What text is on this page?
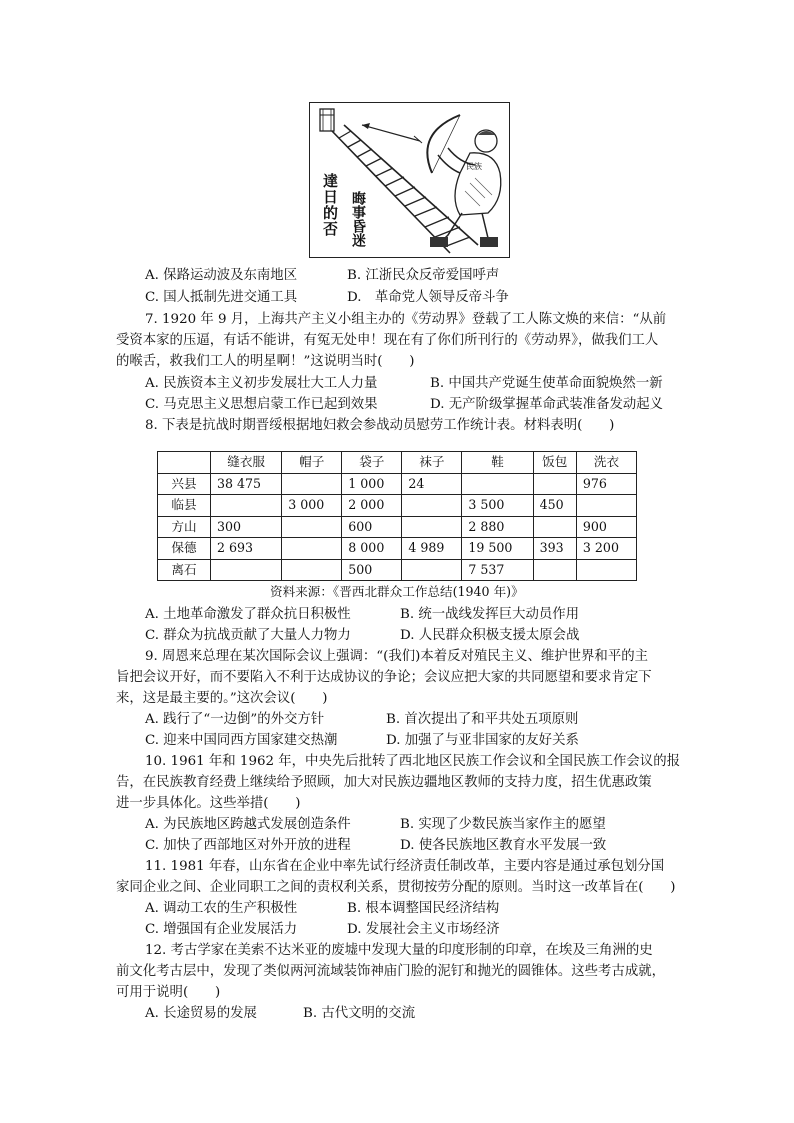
達日的否 晦事昏迷
民族
A. 保路运动波及东南地区	B. 江浙民众反帝爱国呼声
C. 国人抵制先进交通工具	D.　革命党人领导反帝斗争
7. 1920 年 9 月，上海共产主义小组主办的《劳动界》登载了工人陈文焕的来信：“从前
受资本家的压逼，有话不能讲，有冤无处申！现在有了你们所刊行的《劳动界》，做我们工人
的喉舌，救我们工人的明星啊！”这说明当时(　　)
A. 民族资本主义初步发展壮大工人力量	B. 中国共产党诞生使革命面貌焕然一新
C. 马克思主义思想启蒙工作已起到效果	D. 无产阶级掌握革命武装准备发动起义
8. 下表是抗战时期晋绥根据地妇救会参战动员慰劳工作统计表。材料表明(　　)
	缝衣服	帽子	袋子	袜子	鞋	饭包	洗衣
兴县	38 475		1 000	24			976
临县		3 000	2 000		3 500	450	
方山	300		600		2 880		900
保德	2 693		8 000	4 989	19 500	393	3 200
离石			500		7 537		
资料来源：《晋西北群众工作总结(1940 年)》
A. 土地革命激发了群众抗日积极性	B. 统一战线发挥巨大动员作用
C. 群众为抗战贡献了大量人力物力	D. 人民群众积极支援太原会战
9. 周恩来总理在某次国际会议上强调：“(我们)本着反对殖民主义、维护世界和平的主
旨把会议开好，而不要陷入不利于达成协议的争论；会议应把大家的共同愿望和要求肯定下
来，这是最主要的。”这次会议(　　)
A. 践行了“一边倒”的外交方针	B. 首次提出了和平共处五项原则
C. 迎来中国同西方国家建交热潮	D. 加强了与亚非国家的友好关系
10. 1961 年和 1962 年，中央先后批转了西北地区民族工作会议和全国民族工作会议的报
告，在民族教育经费上继续给予照顾，加大对民族边疆地区教师的支持力度，招生优惠政策
进一步具体化。这些举措(　　)
A. 为民族地区跨越式发展创造条件	B. 实现了少数民族当家作主的愿望
C. 加快了西部地区对外开放的进程	D. 使各民族地区教育水平发展一致
11. 1981 年春，山东省在企业中率先试行经济责任制改革，主要内容是通过承包划分国
家同企业之间、企业同职工之间的责权利关系，贯彻按劳分配的原则。当时这一改革旨在(　　)
A. 调动工农的生产积极性	B. 根本调整国民经济结构
C. 增强国有企业发展活力	D. 发展社会主义市场经济
12. 考古学家在美索不达米亚的废墟中发现大量的印度形制的印章，在埃及三角洲的史
前文化考古层中，发现了类似两河流域装饰神庙门脸的泥钉和抛光的圆锥体。这些考古成就，
可用于说明(　　)
A. 长途贸易的发展	B. 古代文明的交流
